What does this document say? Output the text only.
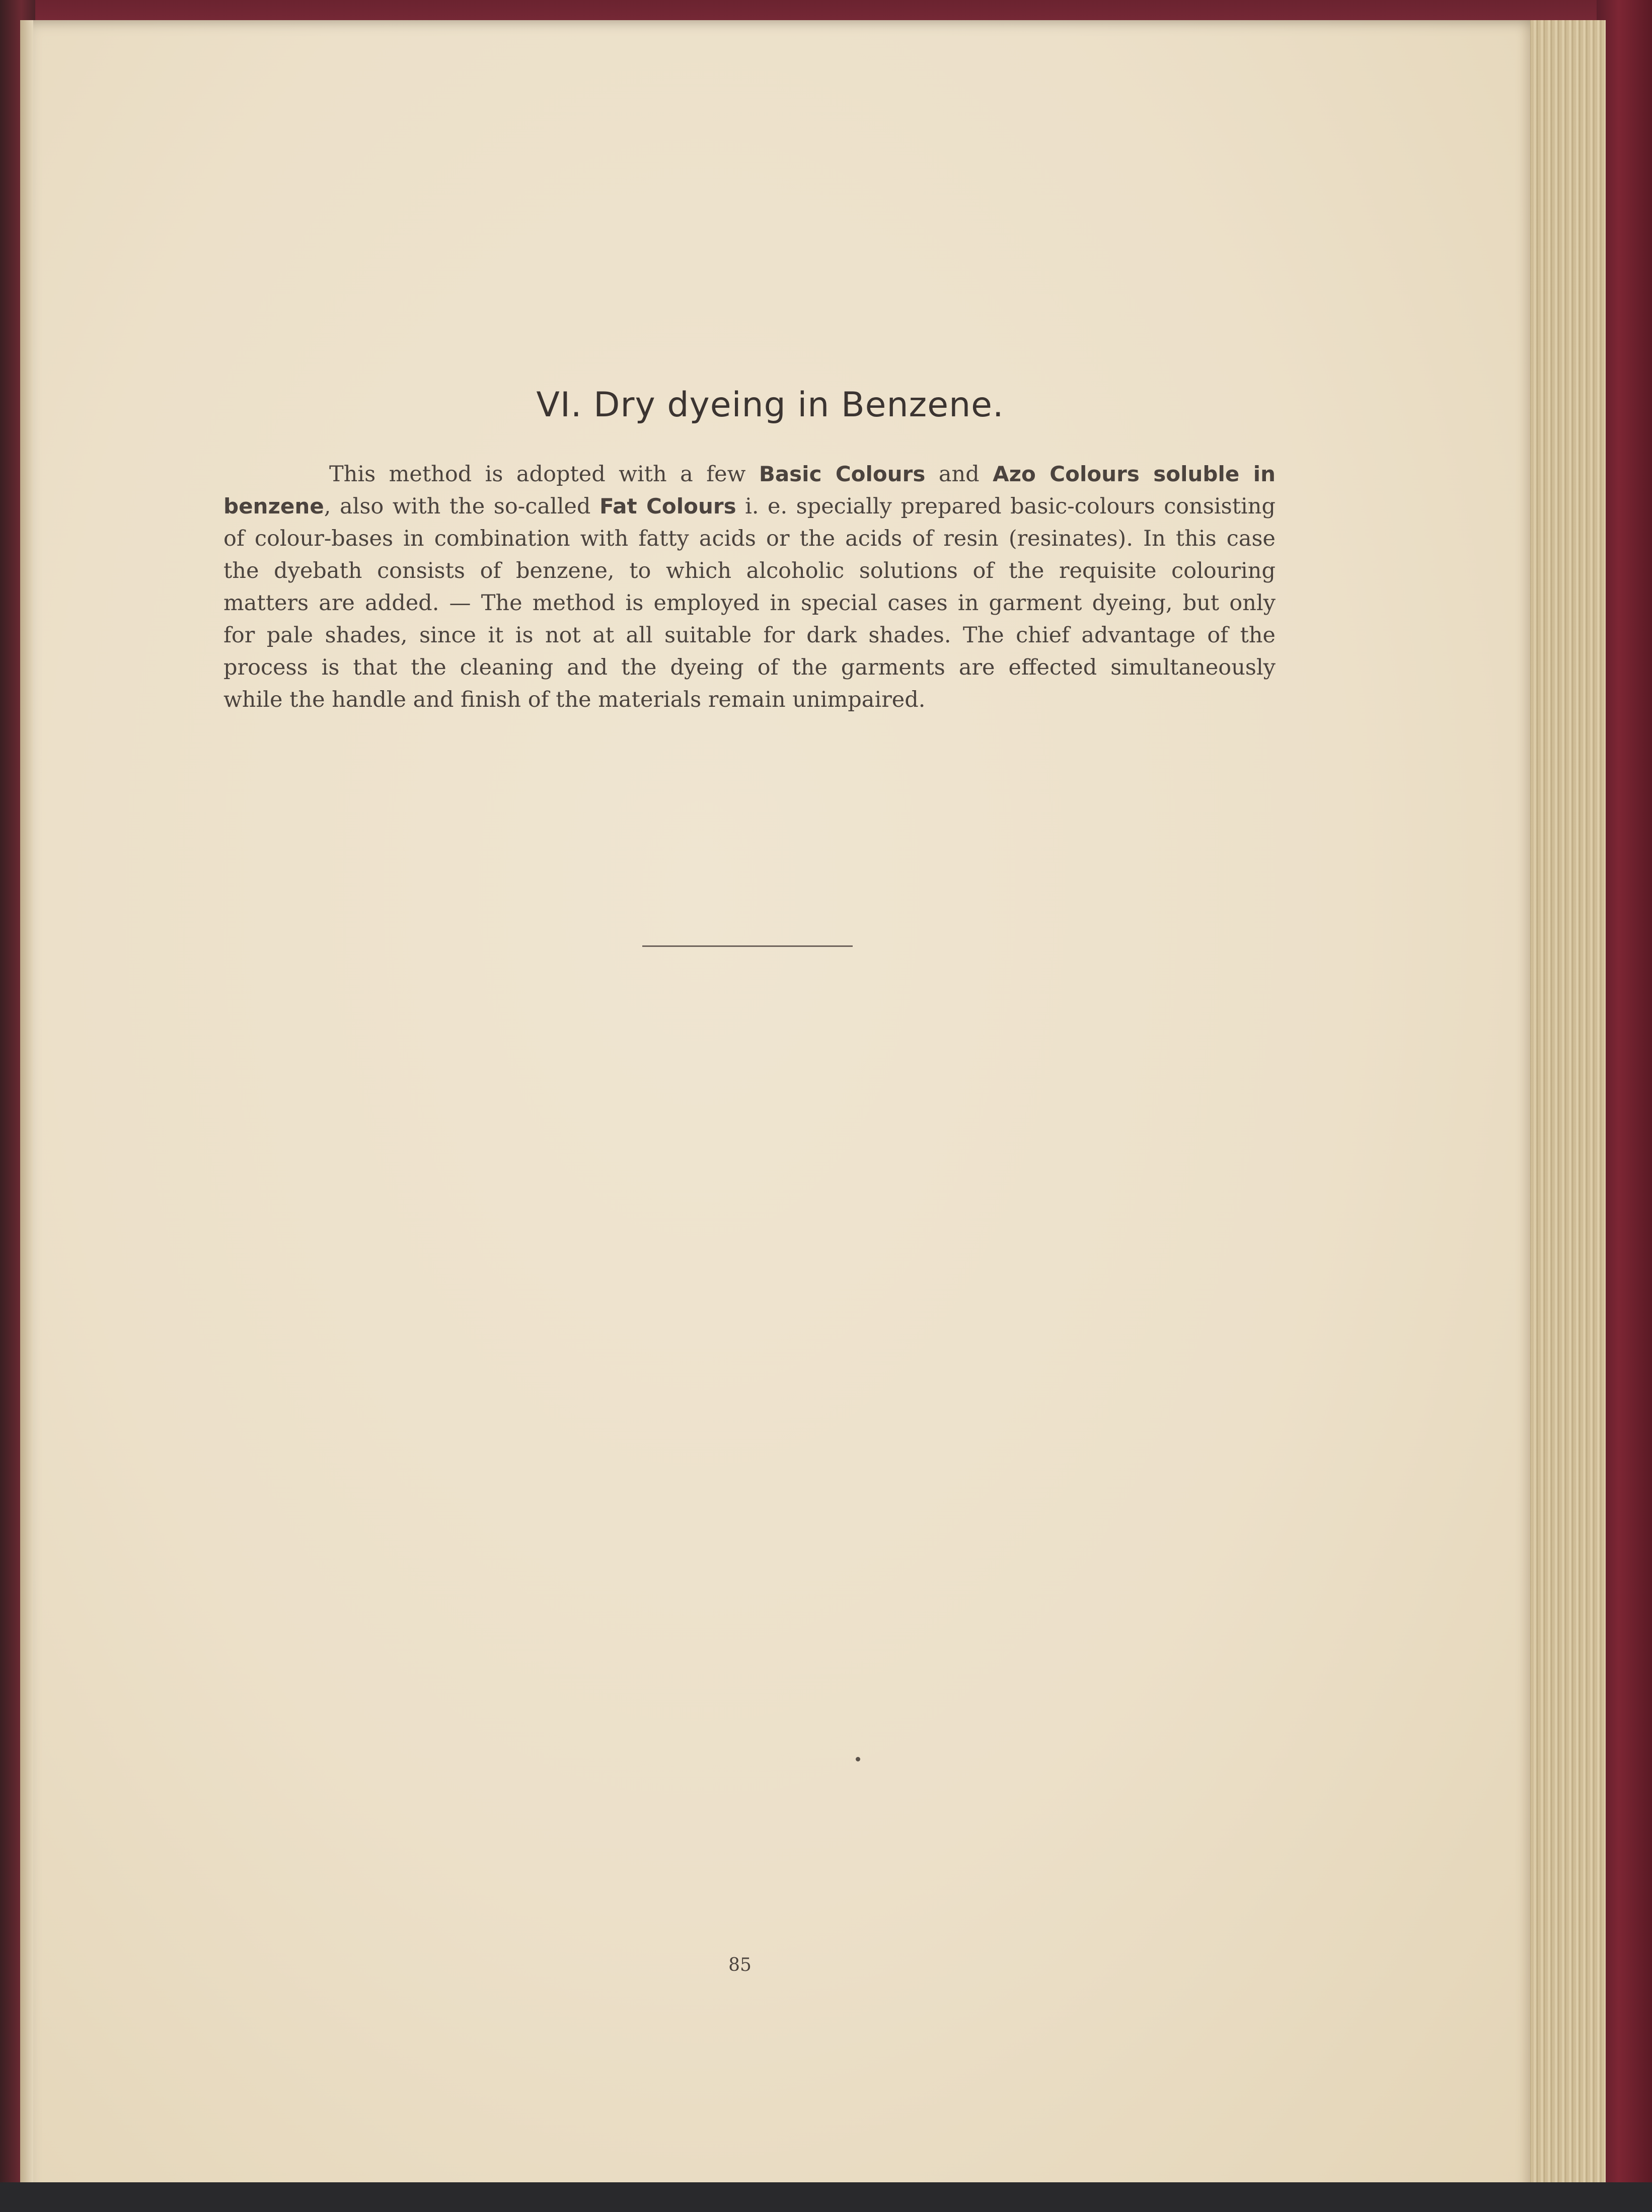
VI. Dry dyeing in Benzene.
This method is adopted with a few Basic Colours and Azo Colours soluble in
benzene, also with the so-called Fat Colours i. e. specially prepared basic-colours consisting
of colour-bases in combination with fatty acids or the acids of resin (resinates). In this case
the dyebath consists of benzene, to which alcoholic solutions of the requisite colouring
matters are added. — The method is employed in special cases in garment dyeing, but only
for pale shades, since it is not at all suitable for dark shades. The chief advantage of the
process is that the cleaning and the dyeing of the garments are effected simultaneously
while the handle and finish of the materials remain unimpaired.
85
